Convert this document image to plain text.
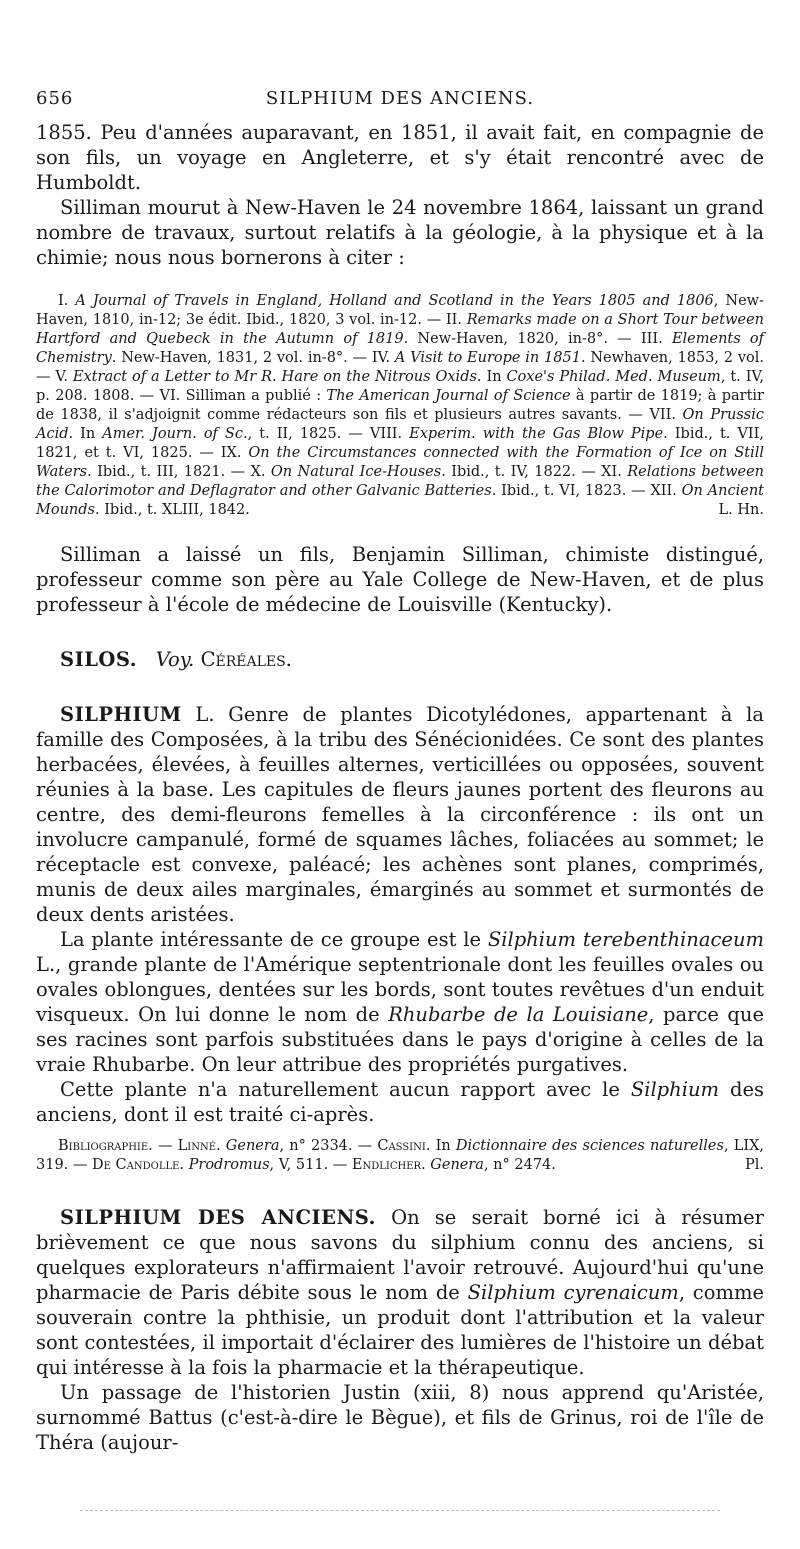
656	SILPHIUM DES ANCIENS.

1855. Peu d'années auparavant, en 1851, il avait fait, en compagnie de son fils, un voyage en Angleterre, et s'y était rencontré avec de Humboldt.

Silliman mourut à New-Haven le 24 novembre 1864, laissant un grand nombre de travaux, surtout relatifs à la géologie, à la physique et à la chimie; nous nous bornerons à citer :

I. A Journal of Travels in England, Holland and Scotland in the Years 1805 and 1806, New-Haven, 1810, in-12; 3e édit. Ibid., 1820, 3 vol. in-12. — II. Remarks made on a Short Tour between Hartford and Quebeck in the Autumn of 1819. New-Haven, 1820, in-8°. — III. Elements of Chemistry. New-Haven, 1831, 2 vol. in-8°. — IV. A Visit to Europe in 1851. Newhaven, 1853, 2 vol. — V. Extract of a Letter to Mr R. Hare on the Nitrous Oxids. In Coxe's Philad. Med. Museum, t. IV, p. 208. 1808. — VI. Silliman a publié : The American Journal of Science à partir de 1819; à partir de 1838, il s'adjoignit comme rédacteurs son fils et plusieurs autres savants. — VII. On Prussic Acid. In Amer. Journ. of Sc., t. II, 1825. — VIII. Experim. with the Gas Blow Pipe. Ibid., t. VII, 1821, et t. VI, 1825. — IX. On the Circumstances connected with the Formation of Ice on Still Waters. Ibid., t. III, 1821. — X. On Natural Ice-Houses. Ibid., t. IV, 1822. — XI. Relations between the Calorimotor and Deflagrator and other Galvanic Batteries. Ibid., t. VI, 1823. — XII. On Ancient Mounds. Ibid., t. XLIII, 1842.	L. Hn.

Silliman a laissé un fils, Benjamin Silliman, chimiste distingué, professeur comme son père au Yale College de New-Haven, et de plus professeur à l'école de médecine de Louisville (Kentucky).

SILOS. Voy. Céréales.

SILPHIUM L. Genre de plantes Dicotylédones, appartenant à la famille des Composées, à la tribu des Sénécionidées. Ce sont des plantes herbacées, élevées, à feuilles alternes, verticillées ou opposées, souvent réunies à la base. Les capitules de fleurs jaunes portent des fleurons au centre, des demi-fleurons femelles à la circonférence : ils ont un involucre campanulé, formé de squames lâches, foliacées au sommet; le réceptacle est convexe, paléacé; les achènes sont planes, comprimés, munis de deux ailes marginales, émarginés au sommet et surmontés de deux dents aristées.

La plante intéressante de ce groupe est le Silphium terebenthinaceum L., grande plante de l'Amérique septentrionale dont les feuilles ovales ou ovales oblongues, dentées sur les bords, sont toutes revêtues d'un enduit visqueux. On lui donne le nom de Rhubarbe de la Louisiane, parce que ses racines sont parfois substituées dans le pays d'origine à celles de la vraie Rhubarbe. On leur attribue des propriétés purgatives.

Cette plante n'a naturellement aucun rapport avec le Silphium des anciens, dont il est traité ci-après.

Bibliographie. — Linné. Genera, n° 2334. — Cassini. In Dictionnaire des sciences naturelles, LIX, 319. — De Candolle. Prodromus, V, 511. — Endlicher. Genera, n° 2474.	Pl.

SILPHIUM DES ANCIENS. On se serait borné ici à résumer brièvement ce que nous savons du silphium connu des anciens, si quelques explorateurs n'affirmaient l'avoir retrouvé. Aujourd'hui qu'une pharmacie de Paris débite sous le nom de Silphium cyrenaicum, comme souverain contre la phthisie, un produit dont l'attribution et la valeur sont contestées, il importait d'éclairer des lumières de l'histoire un débat qui intéresse à la fois la pharmacie et la thérapeutique.

Un passage de l'historien Justin (xiii, 8) nous apprend qu'Aristée, surnommé Battus (c'est-à-dire le Bègue), et fils de Grinus, roi de l'île de Théra (aujour-
